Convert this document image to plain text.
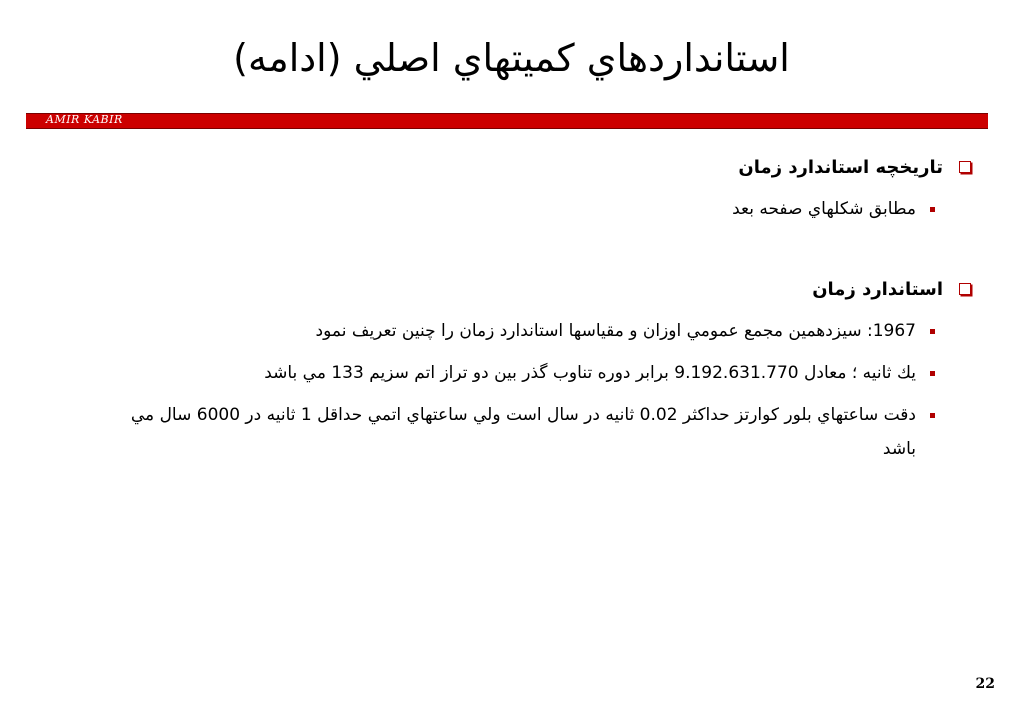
استانداردهاي كميتهاي اصلي (ادامه)
AMIR KABIR
تاريخچه استاندارد زمان
مطابق شكلهاي صفحه بعد
استاندارد زمان
1967: سيزدهمين مجمع عمومي اوزان و مقياسها استاندارد زمان را چنين تعريف نمود
يك ثانيه ؛ معادل 9.192.631.770 برابر دوره تناوب گذر بين دو تراز اتم سزيم 133 مي باشد
دقت ساعتهاي بلور كوارتز حداكثر 0.02 ثانيه در سال است ولي ساعتهاي اتمي حداقل 1 ثانيه در 6000 سال مي باشد
22
